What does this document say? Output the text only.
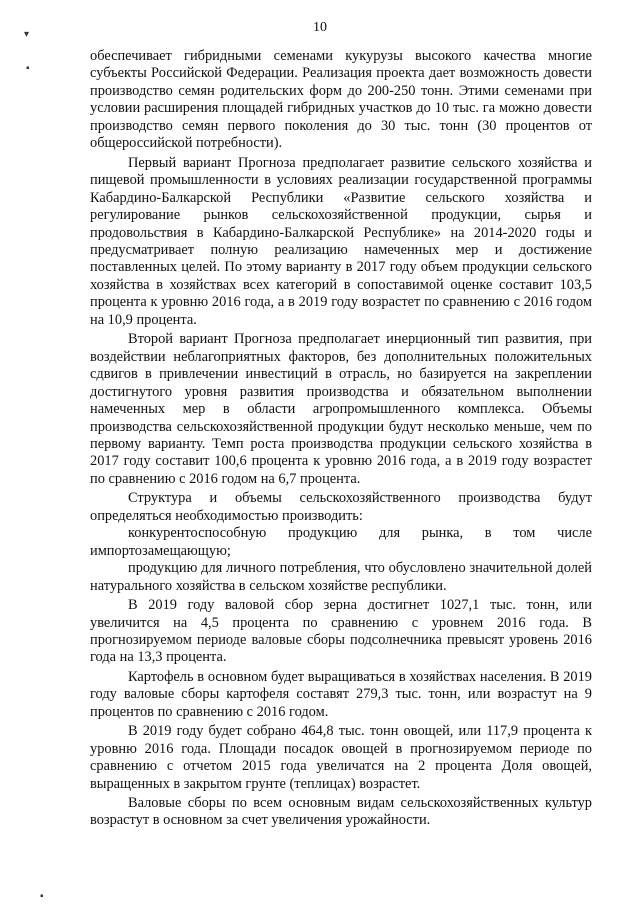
10
▾
▪
▪

обеспечивает гибридными семенами кукурузы высокого качества многие субъекты Российской Федерации. Реализация проекта дает возможность довести производство семян родительских форм до 200-250 тонн. Этими семенами при условии расширения площадей гибридных участков до 10 тыс. га можно довести производство семян первого поколения до 30 тыс. тонн (30 процентов от общероссийской потребности).

Первый вариант Прогноза предполагает развитие сельского хозяйства и пищевой промышленности в условиях реализации государственной программы Кабардино-Балкарской Республики «Развитие сельского хозяйства и регулирование рынков сельскохозяйственной продукции, сырья и продовольствия в Кабардино-Балкарской Республике» на 2014-2020 годы и предусматривает полную реализацию намеченных мер и достижение поставленных целей. По этому варианту в 2017 году объем продукции сельского хозяйства в хозяйствах всех категорий в сопоставимой оценке составит 103,5 процента к уровню 2016 года, а в 2019 году возрастет по сравнению с 2016 годом на 10,9 процента.

Второй вариант Прогноза предполагает инерционный тип развития, при воздействии неблагоприятных факторов, без дополнительных положительных сдвигов в привлечении инвестиций в отрасль, но базируется на закреплении достигнутого уровня развития производства и обязательном выполнении намеченных мер в области агропромышленного комплекса. Объемы производства сельскохозяйственной продукции будут несколько меньше, чем по первому варианту. Темп роста производства продукции сельского хозяйства в 2017 году составит 100,6 процента к уровню 2016 года, а в 2019 году возрастет по сравнению с 2016 годом на 6,7 процента.

Структура и объемы сельскохозяйственного производства будут определяться необходимостью производить:

конкурентоспособную продукцию для рынка, в том числе импортозамещающую;

продукцию для личного потребления, что обусловлено значительной долей натурального хозяйства в сельском хозяйстве республики.

В 2019 году валовой сбор зерна достигнет 1027,1 тыс. тонн, или увеличится на 4,5 процента по сравнению с уровнем 2016 года. В прогнозируемом периоде валовые сборы подсолнечника превысят уровень 2016 года на 13,3 процента.

Картофель в основном будет выращиваться в хозяйствах населения. В 2019 году валовые сборы картофеля составят 279,3 тыс. тонн, или возрастут на 9 процентов по сравнению с 2016 годом.

В 2019 году будет собрано 464,8 тыс. тонн овощей, или 117,9 процента к уровню 2016 года. Площади посадок овощей в прогнозируемом периоде по сравнению с отчетом 2015 года увеличатся на 2 процента Доля овощей, выращенных в закрытом грунте (теплицах) возрастет.

Валовые сборы по всем основным видам сельскохозяйственных культур возрастут в основном за счет увеличения урожайности.
